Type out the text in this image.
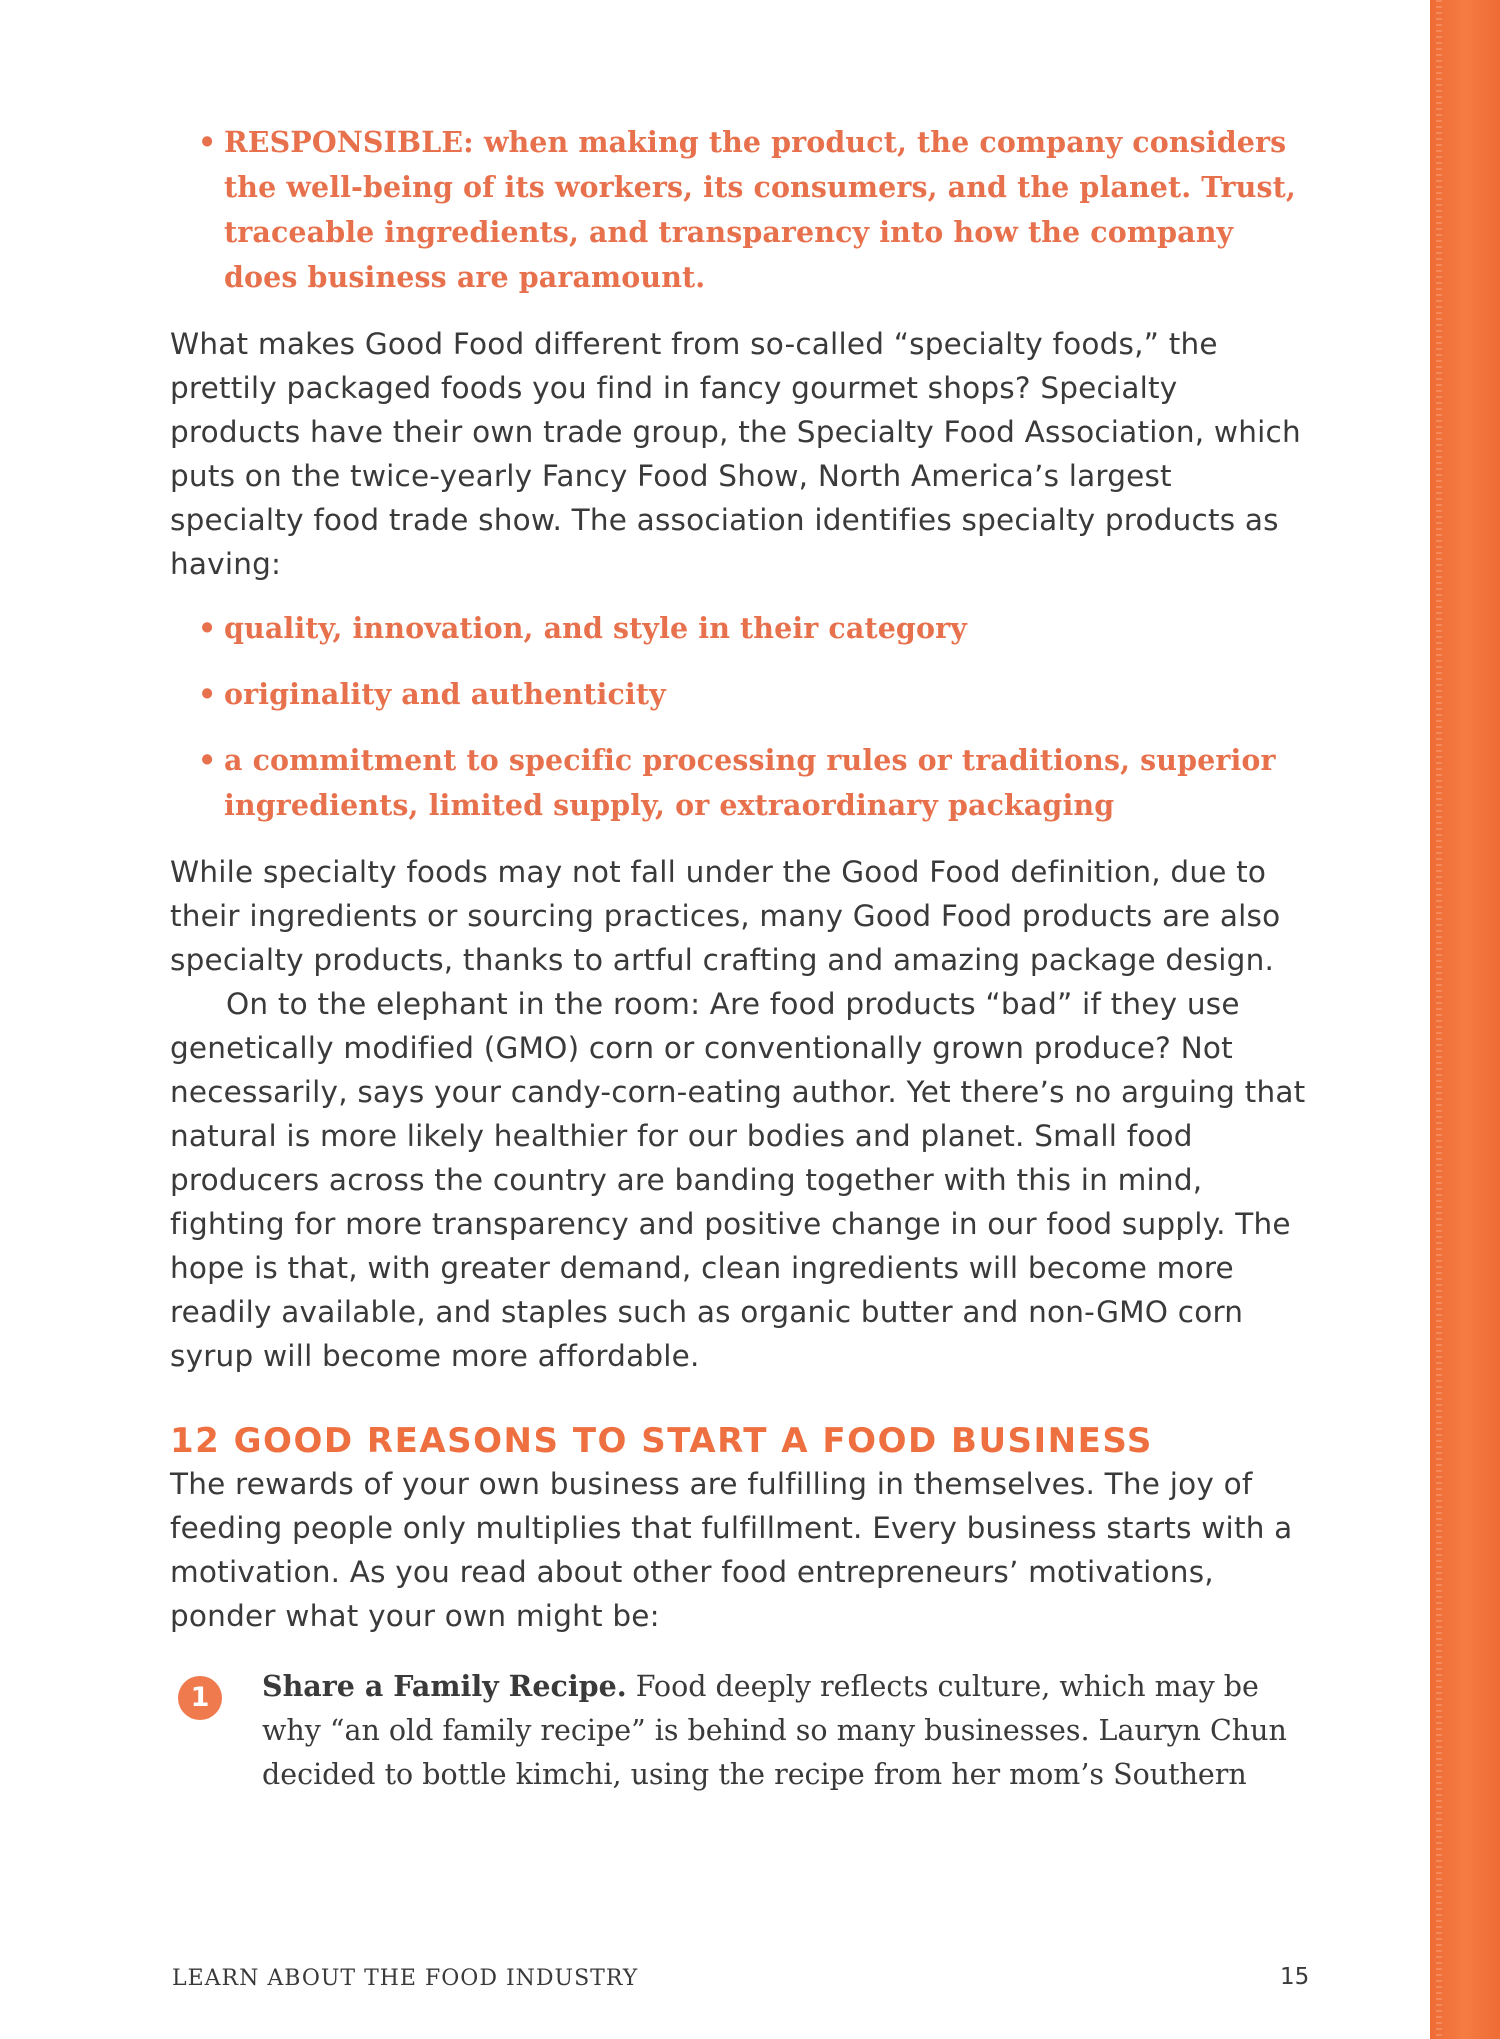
• RESPONSIBLE: when making the product, the company considers the well-being of its workers, its consumers, and the planet. Trust, traceable ingredients, and transparency into how the company does business are paramount.

What makes Good Food different from so-called “specialty foods,” the prettily packaged foods you find in fancy gourmet shops? Specialty products have their own trade group, the Specialty Food Association, which puts on the twice-yearly Fancy Food Show, North America’s largest specialty food trade show. The association identifies specialty products as having:

• quality, innovation, and style in their category
• originality and authenticity
• a commitment to specific processing rules or traditions, superior ingredients, limited supply, or extraordinary packaging

While specialty foods may not fall under the Good Food definition, due to their ingredients or sourcing practices, many Good Food products are also specialty products, thanks to artful crafting and amazing package design.

On to the elephant in the room: Are food products “bad” if they use genetically modified (GMO) corn or conventionally grown produce? Not necessarily, says your candy-corn-eating author. Yet there’s no arguing that natural is more likely healthier for our bodies and planet. Small food producers across the country are banding together with this in mind, fighting for more transparency and positive change in our food supply. The hope is that, with greater demand, clean ingredients will become more readily available, and staples such as organic butter and non-GMO corn syrup will become more affordable.

12 GOOD REASONS TO START A FOOD BUSINESS

The rewards of your own business are fulfilling in themselves. The joy of feeding people only multiplies that fulfillment. Every business starts with a motivation. As you read about other food entrepreneurs’ motivations, ponder what your own might be:

1	Share a Family Recipe. Food deeply reflects culture, which may be why “an old family recipe” is behind so many businesses. Lauryn Chun decided to bottle kimchi, using the recipe from her mom’s Southern
LEARN ABOUT THE FOOD INDUSTRY	15
